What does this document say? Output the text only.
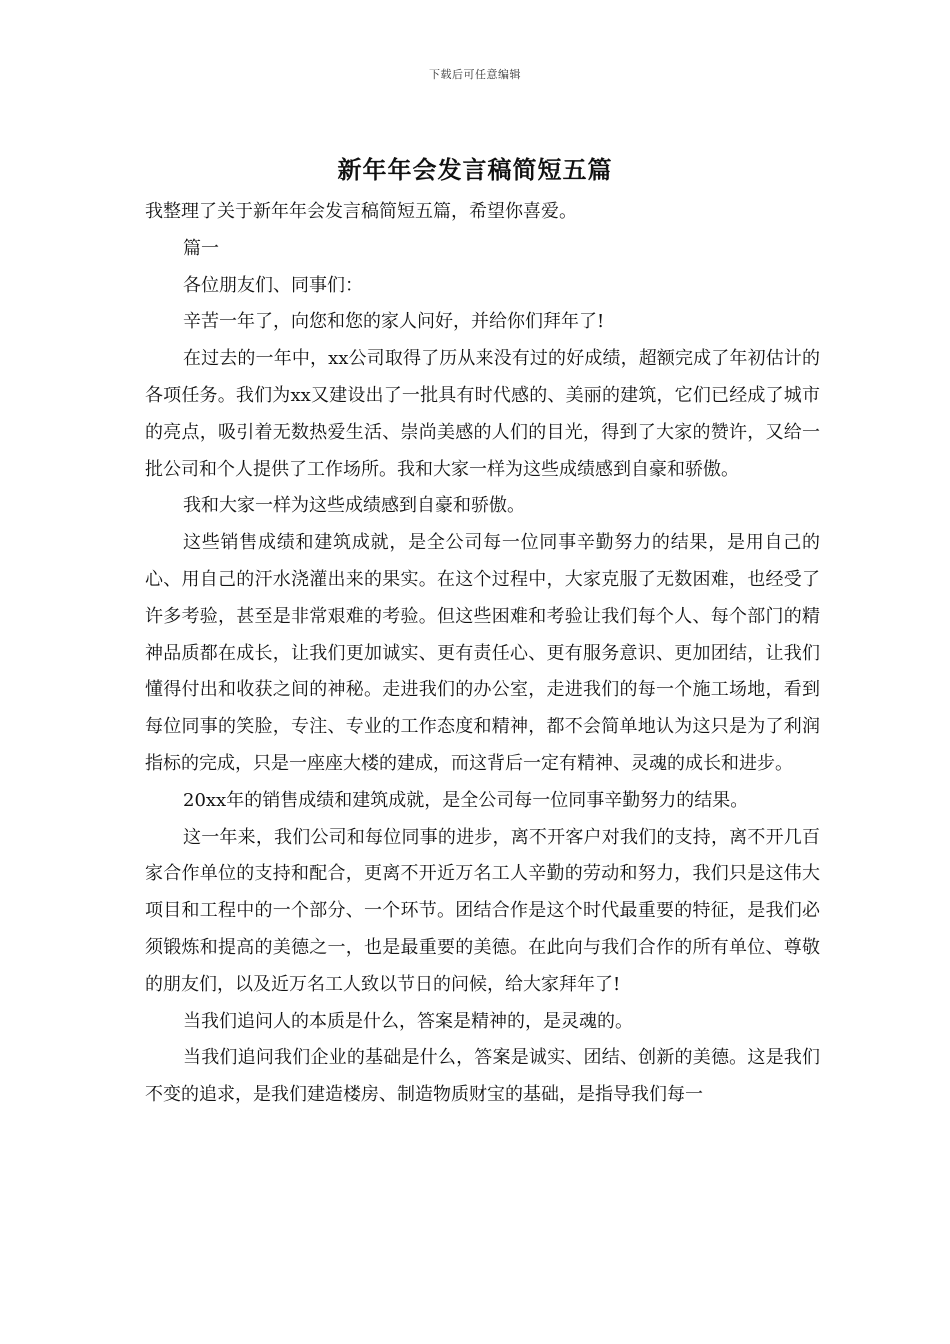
下载后可任意编辑
新年年会发言稿简短五篇

我整理了关于新年年会发言稿简短五篇，希望你喜爱。

篇一

各位朋友们、同事们：

辛苦一年了，向您和您的家人问好，并给你们拜年了!

在过去的一年中，xx公司取得了历从来没有过的好成绩，超额完成了年初估计的各项任务。我们为xx又建设出了一批具有时代感的、美丽的建筑，它们已经成了城市的亮点，吸引着无数热爱生活、崇尚美感的人们的目光，得到了大家的赞许，又给一批公司和个人提供了工作场所。我和大家一样为这些成绩感到自豪和骄傲。

我和大家一样为这些成绩感到自豪和骄傲。

这些销售成绩和建筑成就，是全公司每一位同事辛勤努力的结果，是用自己的心、用自己的汗水浇灌出来的果实。在这个过程中，大家克服了无数困难，也经受了许多考验，甚至是非常艰难的考验。但这些困难和考验让我们每个人、每个部门的精神品质都在成长，让我们更加诚实、更有责任心、更有服务意识、更加团结，让我们懂得付出和收获之间的神秘。走进我们的办公室，走进我们的每一个施工场地，看到每位同事的笑脸，专注、专业的工作态度和精神，都不会简单地认为这只是为了利润指标的完成，只是一座座大楼的建成，而这背后一定有精神、灵魂的成长和进步。

20xx年的销售成绩和建筑成就，是全公司每一位同事辛勤努力的结果。

这一年来，我们公司和每位同事的进步，离不开客户对我们的支持，离不开几百家合作单位的支持和配合，更离不开近万名工人辛勤的劳动和努力，我们只是这伟大项目和工程中的一个部分、一个环节。团结合作是这个时代最重要的特征，是我们必须锻炼和提高的美德之一，也是最重要的美德。在此向与我们合作的所有单位、尊敬的朋友们，以及近万名工人致以节日的问候，给大家拜年了!

当我们追问人的本质是什么，答案是精神的，是灵魂的。

当我们追问我们企业的基础是什么，答案是诚实、团结、创新的美德。这是我们不变的追求，是我们建造楼房、制造物质财宝的基础，是指导我们每一
